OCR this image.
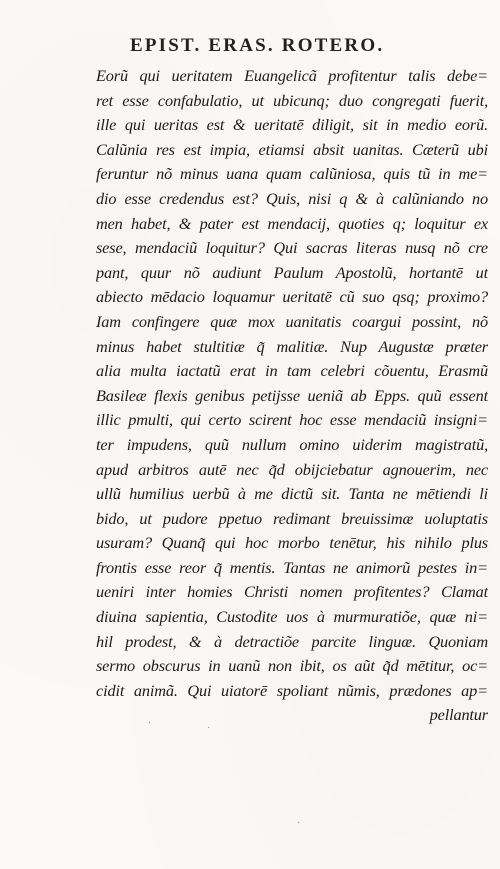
EPIST. ERAS. ROTERO.
Eorũ qui ueritatem Euangelicã profitentur talis debe=
ret esse confabulatio, ut ubicunq; duo congregati fuerit,
ille qui ueritas est & ueritatē diligit, sit in medio eorũ.
Calũnia res est impia, etiamsi absit uanitas. Cæterũ ubi
feruntur nõ minus uana quam calũniosa, quis tũ in me=
dio esse credendus est? Quis, nisi q & à calũniando no
men habet, & pater est mendacij, quoties q; loquitur ex
sese, mendaciũ loquitur? Qui sacras literas nusq nõ cre
pant, quur nõ audiunt Paulum Apostolũ, hortantē ut
abiecto mēdacio loquamur ueritatē cũ suo qsq; proximo?
Iam confingere quæ mox uanitatis coargui possint, nõ
minus habet stultitiæ q̃ malitiæ. Nup Augustæ præter
alia multa iactatũ erat in tam celebri cõuentu, Erasmũ
Basileæ flexis genibus petijsse ueniã ab Epps. quũ essent
illic pmulti, qui certo scirent hoc esse mendaciũ insigni=
ter impudens, quũ nullum omino uiderim magistratũ,
apud arbitros autē nec q̃d obijciebatur agnouerim, nec
ullũ humilius uerbũ à me dictũ sit. Tanta ne mētiendi li
bido, ut pudore ppetuo redimant breuissimæ uoluptatis
usuram? Quanq̃ qui hoc morbo tenētur, his nihilo plus
frontis esse reor q̃ mentis. Tantas ne animorũ pestes in=
ueniri inter homies Christi nomen profitentes? Clamat
diuina sapientia, Custodite uos à murmuratiõe, quæ ni=
hil prodest, & à detractiõe parcite linguæ. Quoniam
sermo obscurus in uanũ non ibit, os aũt q̃d mētitur, oc=
cidit animã. Qui uiatorē spoliant nũmis, prædones ap=
pellantur
·	·
·
